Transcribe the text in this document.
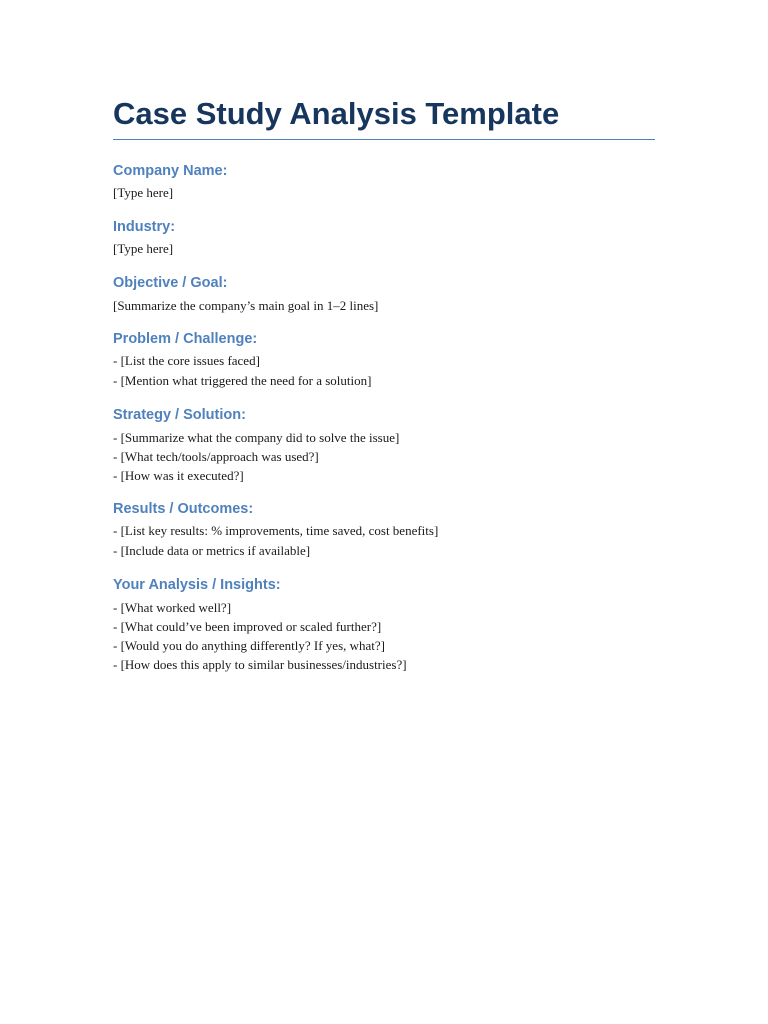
Case Study Analysis Template

Company Name:

[Type here]

Industry:

[Type here]

Objective / Goal:

[Summarize the company’s main goal in 1–2 lines]

Problem / Challenge:

- [List the core issues faced]

- [Mention what triggered the need for a solution]

Strategy / Solution:

- [Summarize what the company did to solve the issue]

- [What tech/tools/approach was used?]

- [How was it executed?]

Results / Outcomes:

- [List key results: % improvements, time saved, cost benefits]

- [Include data or metrics if available]

Your Analysis / Insights:

- [What worked well?]

- [What could’ve been improved or scaled further?]

- [Would you do anything differently? If yes, what?]

- [How does this apply to similar businesses/industries?]
